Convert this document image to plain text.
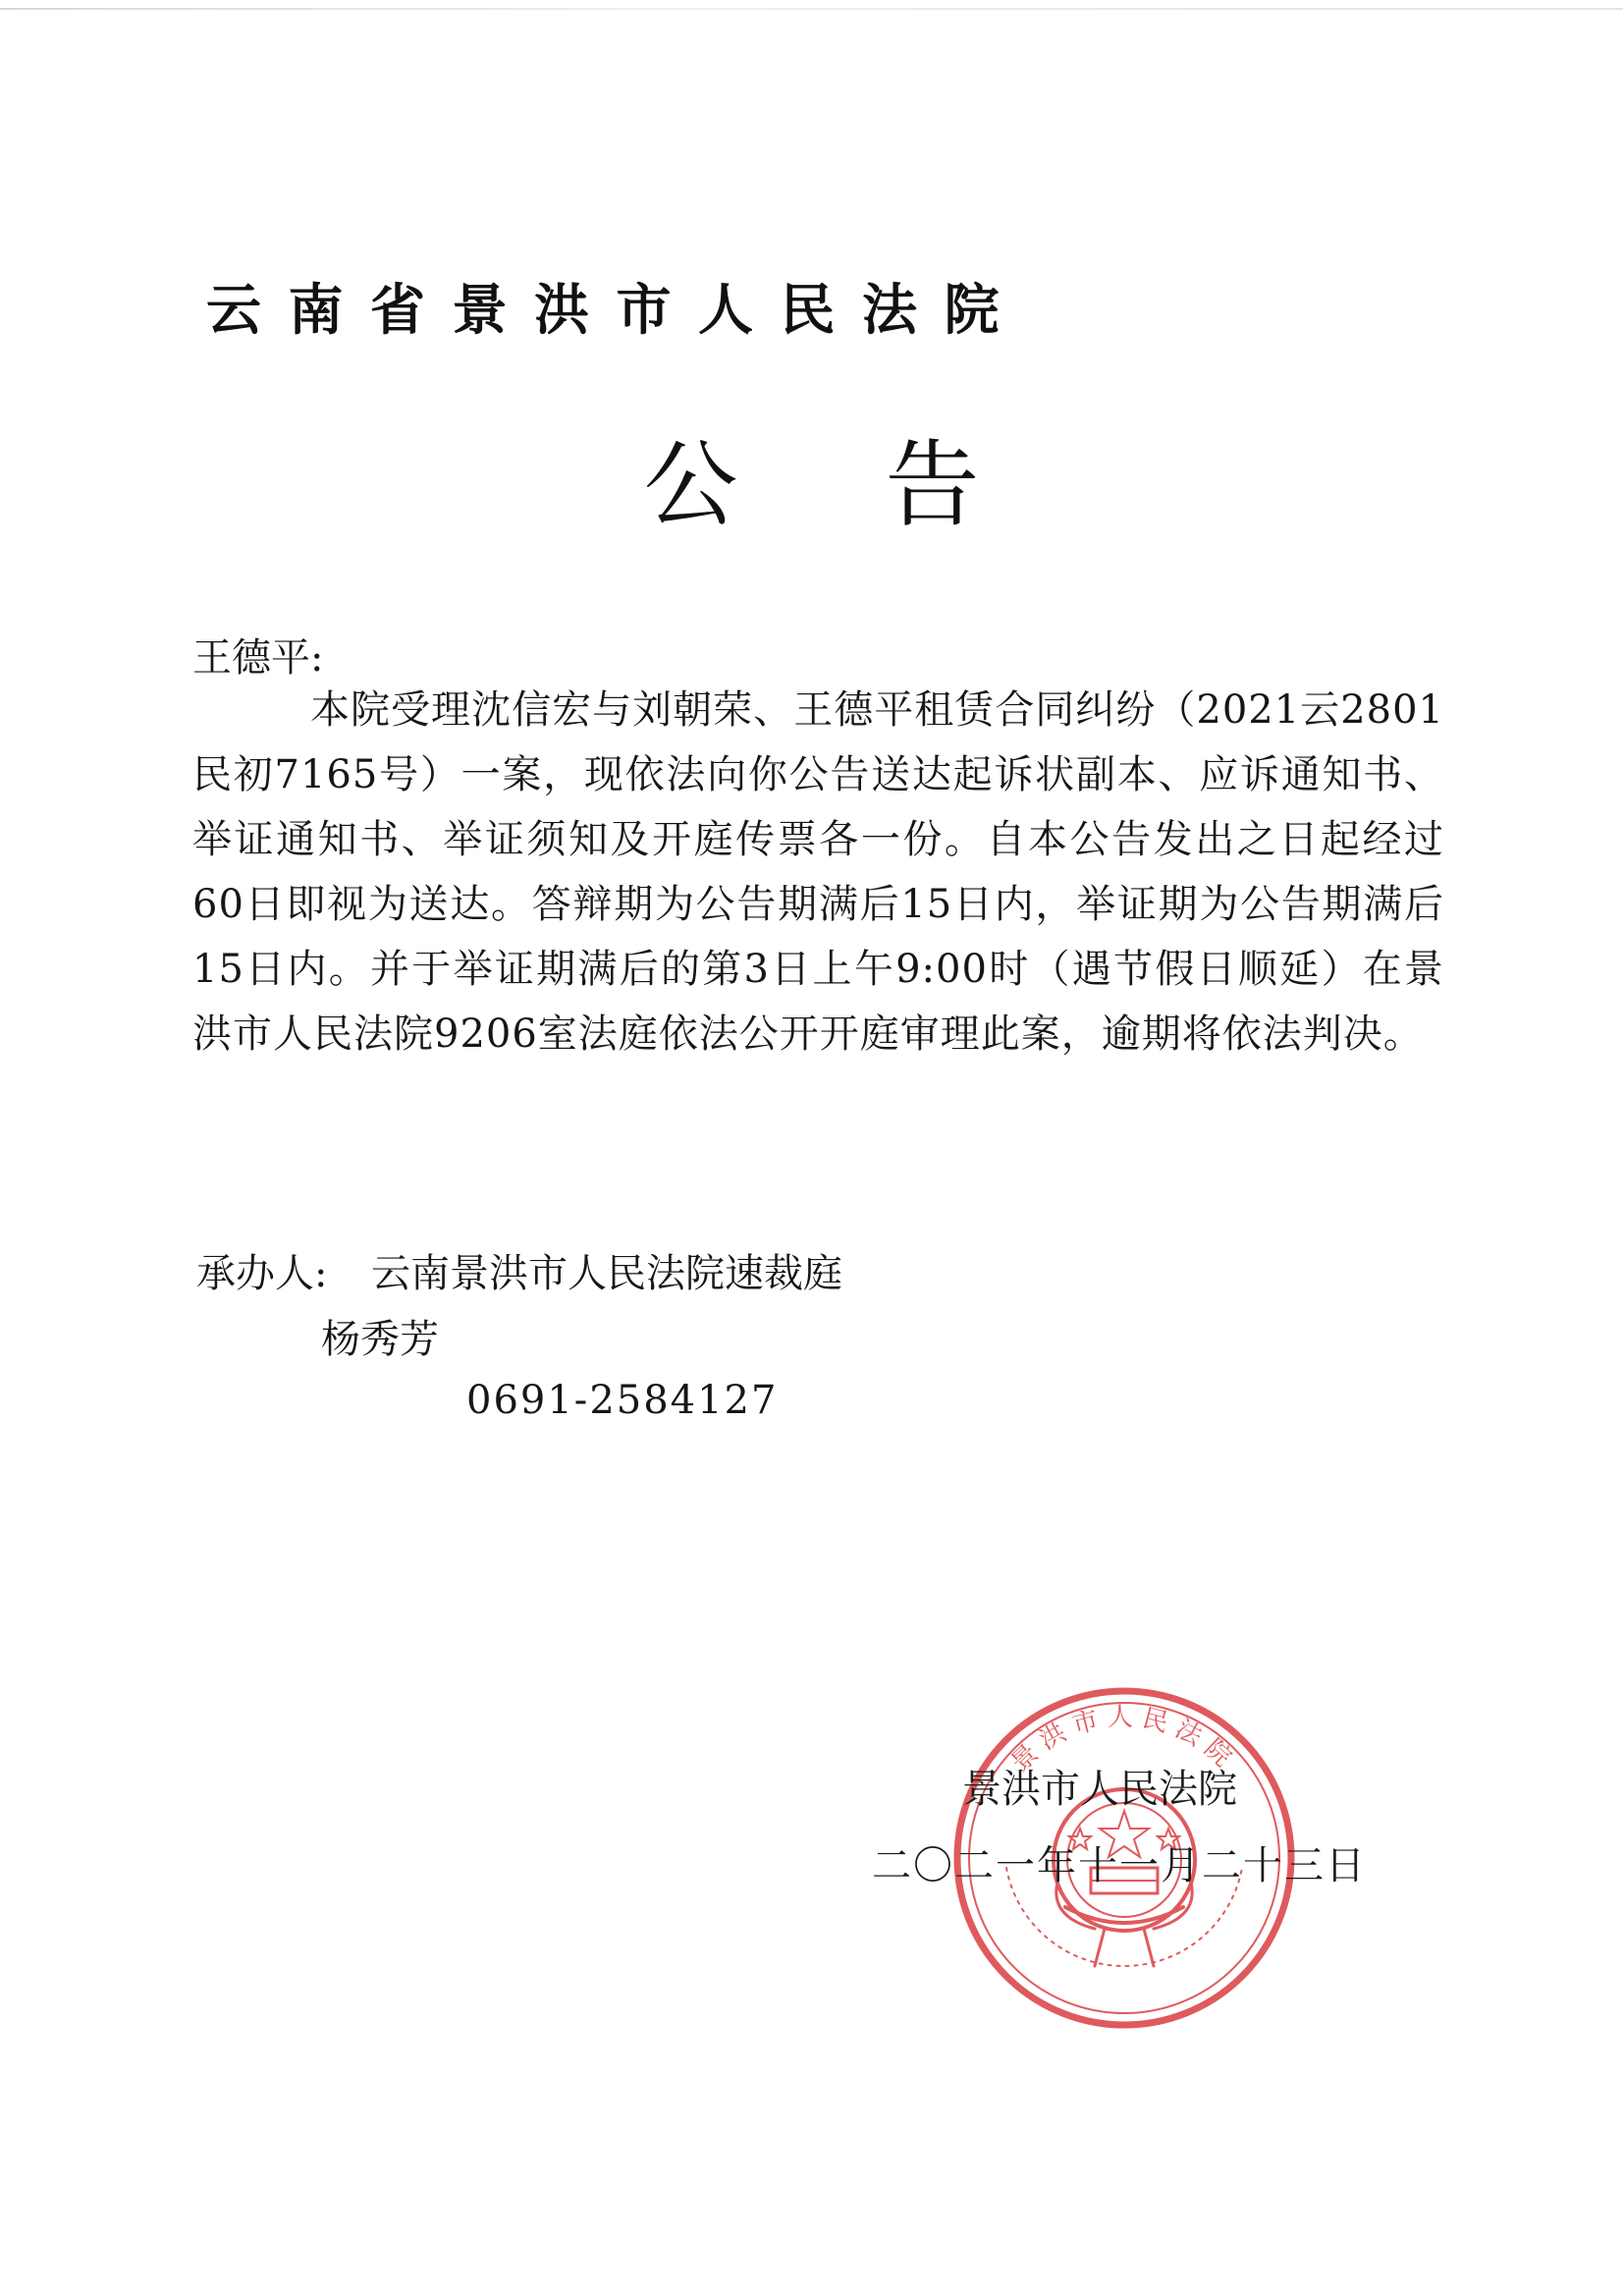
云 南 省 景 洪 市 人 民 法 院
公告
王德平:
本院受理沈信宏与刘朝荣、王德平租赁合同纠纷（2021云2801民初7165号）一案，现依法向你公告送达起诉状副本、应诉通知书、举证通知书、举证须知及开庭传票各一份。自本公告发出之日起经过60日即视为送达。答辩期为公告期满后15日内，举证期为公告期满后15日内。并于举证期满后的第3日上午9:00时（遇节假日顺延）在景洪市人民法院9206室法庭依法公开开庭审理此案，逾期将依法判决。
承办人: 云南景洪市人民法院速裁庭
杨秀芳
0691-2584127
景洪市人民法院
景洪市人民法院
二〇二一年十一月二十三日
